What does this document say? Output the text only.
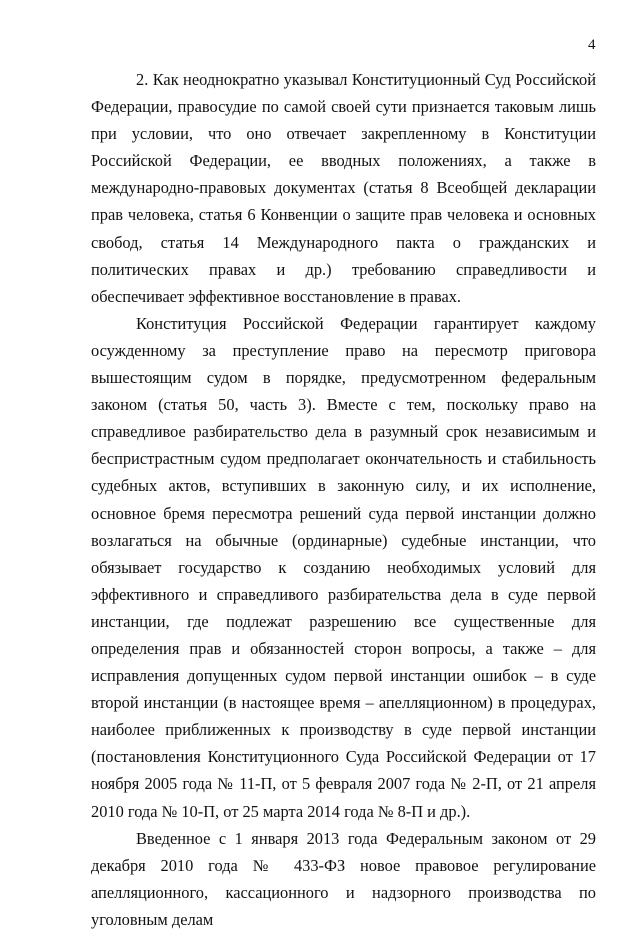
4

2. Как неоднократно указывал Конституционный Суд Российской Федерации, правосудие по самой своей сути признается таковым лишь при условии, что оно отвечает закрепленному в Конституции Российской Федерации, ее вводных положениях, а также в международно-правовых документах (статья 8 Всеобщей декларации прав человека, статья 6 Конвенции о защите прав человека и основных свобод, статья 14 Международного пакта о гражданских и политических правах и др.) требованию справедливости и обеспечивает эффективное восстановление в правах.

Конституция Российской Федерации гарантирует каждому осужденному за преступление право на пересмотр приговора вышестоящим судом в порядке, предусмотренном федеральным законом (статья 50, часть 3). Вместе с тем, поскольку право на справедливое разбирательство дела в разумный срок независимым и беспристрастным судом предполагает окончательность и стабильность судебных актов, вступивших в законную силу, и их исполнение, основное бремя пересмотра решений суда первой инстанции должно возлагаться на обычные (ординарные) судебные инстанции, что обязывает государство к созданию необходимых условий для эффективного и справедливого разбирательства дела в суде первой инстанции, где подлежат разрешению все существенные для определения прав и обязанностей сторон вопросы, а также – для исправления допущенных судом первой инстанции ошибок – в суде второй инстанции (в настоящее время – апелляционном) в процедурах, наиболее приближенных к производству в суде первой инстанции (постановления Конституционного Суда Российской Федерации от 17 ноября 2005 года № 11-П, от 5 февраля 2007 года № 2-П, от 21 апреля 2010 года № 10-П, от 25 марта 2014 года № 8-П и др.).

Введенное с 1 января 2013 года Федеральным законом от 29 декабря 2010 года № 433-ФЗ новое правовое регулирование апелляционного, кассационного и надзорного производства по уголовным делам
